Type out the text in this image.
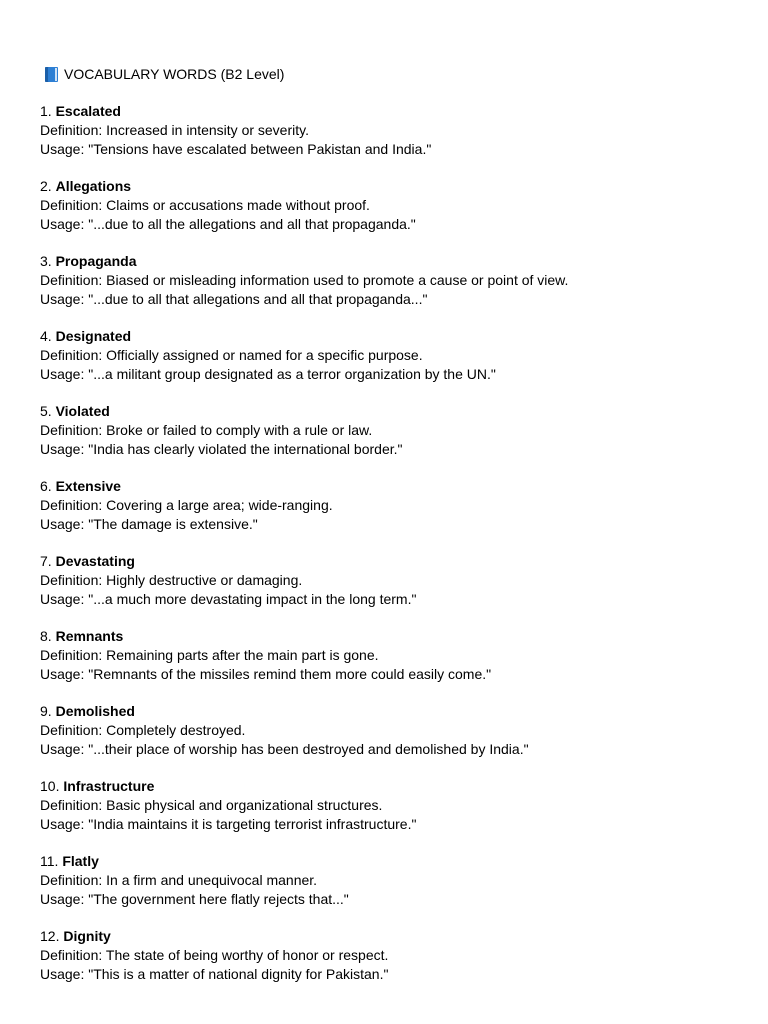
VOCABULARY WORDS (B2 Level)
1. Escalated
Definition: Increased in intensity or severity.
Usage: "Tensions have escalated between Pakistan and India."
2. Allegations
Definition: Claims or accusations made without proof.
Usage: "...due to all the allegations and all that propaganda."
3. Propaganda
Definition: Biased or misleading information used to promote a cause or point of view.
Usage: "...due to all that allegations and all that propaganda..."
4. Designated
Definition: Officially assigned or named for a specific purpose.
Usage: "...a militant group designated as a terror organization by the UN."
5. Violated
Definition: Broke or failed to comply with a rule or law.
Usage: "India has clearly violated the international border."
6. Extensive
Definition: Covering a large area; wide-ranging.
Usage: "The damage is extensive."
7. Devastating
Definition: Highly destructive or damaging.
Usage: "...a much more devastating impact in the long term."
8. Remnants
Definition: Remaining parts after the main part is gone.
Usage: "Remnants of the missiles remind them more could easily come."
9. Demolished
Definition: Completely destroyed.
Usage: "...their place of worship has been destroyed and demolished by India."
10. Infrastructure
Definition: Basic physical and organizational structures.
Usage: "India maintains it is targeting terrorist infrastructure."
11. Flatly
Definition: In a firm and unequivocal manner.
Usage: "The government here flatly rejects that..."
12. Dignity
Definition: The state of being worthy of honor or respect.
Usage: "This is a matter of national dignity for Pakistan."
